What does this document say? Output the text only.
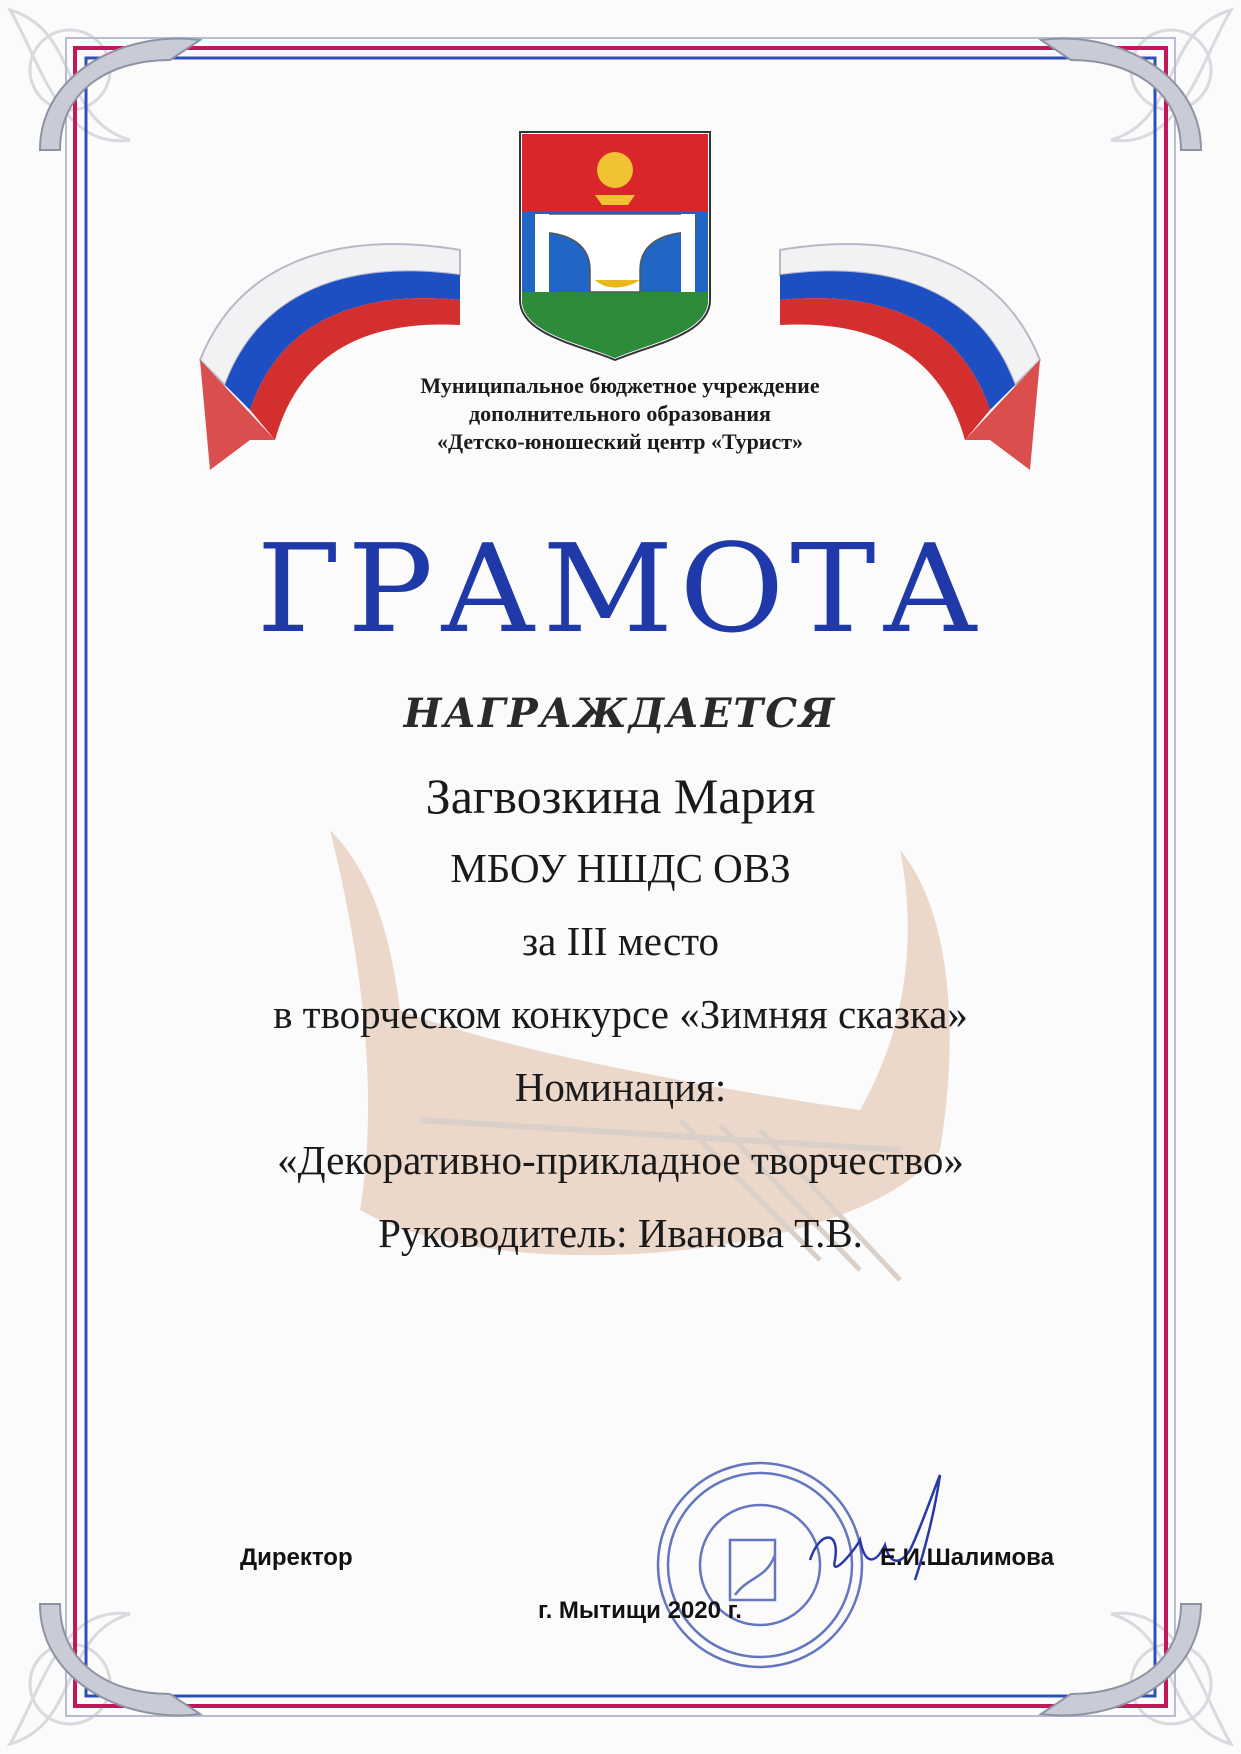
Муниципальное бюджетное учреждение
дополнительного образования
«Детско-юношеский центр «Турист»
ГРАМОТА
НАГРАЖДАЕТСЯ
Загвозкина Мария
МБОУ НШДС ОВЗ
за III место
в творческом конкурсе «Зимняя сказка»
Номинация:
«Декоративно-прикладное творчество»
Руководитель: Иванова Т.В.
Директор	Е.И.Шалимова
г. Мытищи 2020 г.
